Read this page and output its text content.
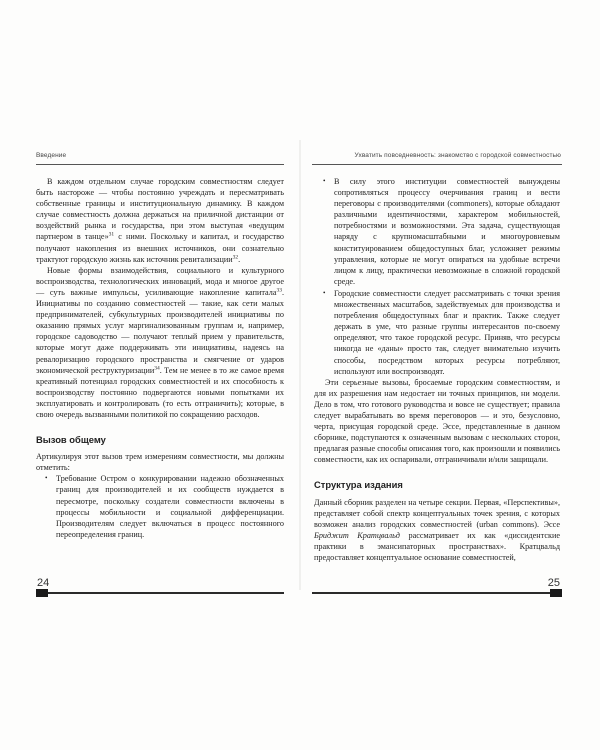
Введение

В каждом отдельном случае городским совместностям следует быть настороже — чтобы постоянно учреждать и пересматривать собственные границы и институциональную динамику. В каждом случае совместность должна держаться на приличной дистанции от воздействий рынка и государства, при этом выступая «ведущим партнером в танце»$^{31}$ с ними. Поскольку и капитал, и государство получают накопления из внешних источников, они сознательно трактуют городскую жизнь как источник ревитализации$^{32}$.

Новые формы взаимодействия, социального и культурного воспроизводства, технологических инноваций, мода и многое другое — суть важные импульсы, усиливающие накопление капитала$^{33}$. Инициативы по созданию совместностей — такие, как сети малых предпринимателей, субкультурных производителей инициативы по оказанию прямых услуг маргинализованным группам и, например, городское садоводство — получают теплый прием у правительств, которые могут даже поддерживать эти инициативы, надеясь на ревалоризацию городского пространства и смягчение от ударов экономической реструктуризации$^{34}$. Тем не менее в то же самое время креативный потенциал городских совместностей и их способность к воспроизводству постоянно подвергаются новыми попытками их эксплуатировать и контролировать (то есть отграничить); которые, в свою очередь вызванными политикой по сокращению расходов.

Вызов общему

Артикулируя этот вызов трем измерениям совместности, мы должны отметить:

• Требование Остром о конкурировании надежно обозначенных границ для производителей и их сообществ нуждается в пересмотре, поскольку создатели совместности включены в процессы мобильности и социальной дифференциации. Производителям следует включаться в процесс постоянного переопределения границ.
24
Ухватить повседневность: знакомство с городской совместностью
• В силу этого институции совместностей вынуждены сопротивляться процессу очерчивания границ и вести переговоры с производителями (commoners), которые обладают различными идентичностями, характером мобильностей, потребностями и возможностями. Эта задача, существующая наряду с крупномасштабными и многоуровневым конституированием общедоступных благ, усложняет режимы управления, которые не могут опираться на удобные встречи лицом к лицу, практически невозможные в сложной городской среде.
• Городские совместности следует рассматривать с точки зрения множественных масштабов, задействуемых для производства и потребления общедоступных благ и практик. Также следует держать в уме, что разные группы интересантов по-своему определяют, что такое городской ресурс. Приняв, что ресурсы никогда не «даны» просто так, следует внимательно изучить способы, посредством которых ресурсы потребляют, используют или воспроизводят.

Эти серьезные вызовы, бросаемые городским совместностям, и для их разрешения нам недостает ни точных принципов, ни модели. Дело в том, что готового руководства и вовсе не существует; правила следует вырабатывать во время переговоров — и это, безусловно, черта, присущая городской среде. Эссе, представленные в данном сборнике, подступаются к означенным вызовам с нескольких сторон, предлагая разные способы описания того, как произошли и появились совместности, как их оспаривали, отграничивали и/или защищали.

Структура издания

Данный сборник разделен на четыре секции. Первая, «Перспективы», представляет собой спектр концептуальных точек зрения, с которых возможен анализ городских совместностей (urban commons). Эссе Бриджит Кратцвальд рассматривает их как «диссидентские практики в эмансипаторных пространствах». Кратцвальд предоставляет концептуальное основание совместностей,

25
